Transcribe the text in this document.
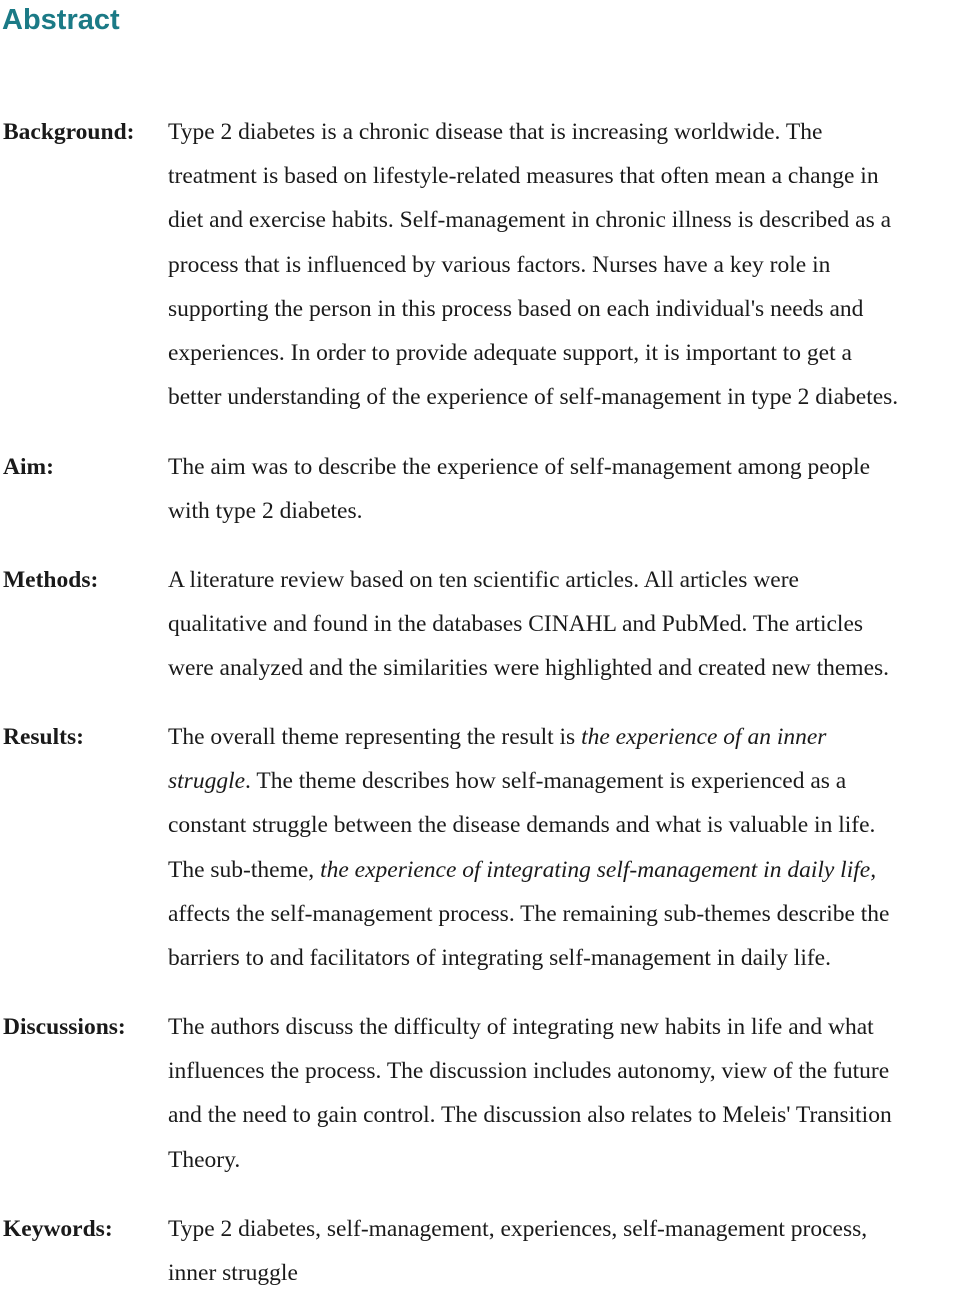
Abstract

Background: Type 2 diabetes is a chronic disease that is increasing worldwide. The
treatment is based on lifestyle-related measures that often mean a change in
diet and exercise habits. Self-management in chronic illness is described as a
process that is influenced by various factors. Nurses have a key role in
supporting the person in this process based on each individual's needs and
experiences. In order to provide adequate support, it is important to get a
better understanding of the experience of self-management in type 2 diabetes.

Aim:	The aim was to describe the experience of self-management among people
with type 2 diabetes.

Methods:	A literature review based on ten scientific articles. All articles were
qualitative and found in the databases CINAHL and PubMed. The articles
were analyzed and the similarities were highlighted and created new themes.

Results:	The overall theme representing the result is the experience of an inner
struggle. The theme describes how self-management is experienced as a
constant struggle between the disease demands and what is valuable in life.
The sub-theme, the experience of integrating self-management in daily life,
affects the self-management process. The remaining sub-themes describe the
barriers to and facilitators of integrating self-management in daily life.

Discussions: The authors discuss the difficulty of integrating new habits in life and what
influences the process. The discussion includes autonomy, view of the future
and the need to gain control. The discussion also relates to Meleis' Transition
Theory.

Keywords: Type 2 diabetes, self-management, experiences, self-management process,
inner struggle
